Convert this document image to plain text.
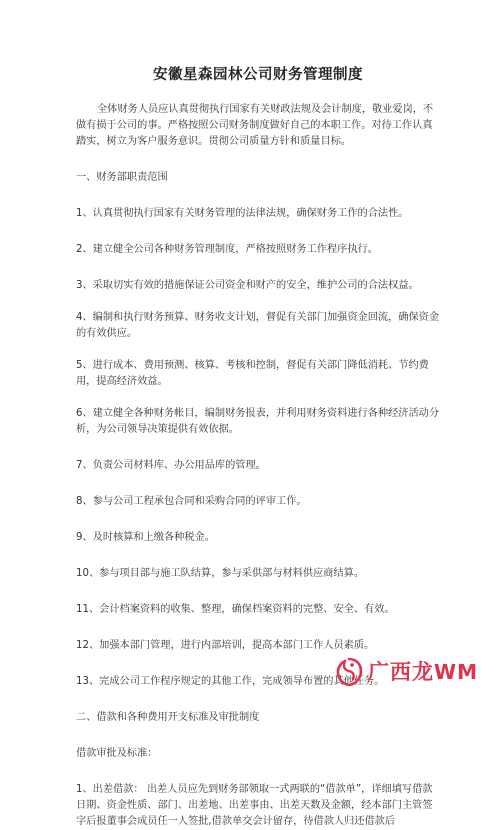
安徽星森园林公司财务管理制度

全体财务人员应认真贯彻执行国家有关财政法规及会计制度，敬业爱岗，不做有损于公司的事。严格按照公司财务制度做好自己的本职工作。对待工作认真踏实，树立为客户服务意识。贯彻公司质量方针和质量目标。

一、财务部职责范围

1、认真贯彻执行国家有关财务管理的法律法规，确保财务工作的合法性。

2、建立健全公司各种财务管理制度，严格按照财务工作程序执行。

3、采取切实有效的措施保证公司资金和财产的安全，维护公司的合法权益。

4、编制和执行财务预算、财务收支计划，督促有关部门加强资金回流，确保资金的有效供应。

5、进行成本、费用预测、核算、考核和控制，督促有关部门降低消耗、节约费用，提高经济效益。

6、建立健全各种财务帐目，编制财务报表，并利用财务资料进行各种经济活动分析，为公司领导决策提供有效依据。

7、负责公司材料库、办公用品库的管理。

8、参与公司工程承包合同和采购合同的评审工作。

9、及时核算和上缴各种税金。

10、参与项目部与施工队结算，参与采供部与材料供应商结算。

11、会计档案资料的收集、整理，确保档案资料的完整、安全、有效。

12、加强本部门管理，进行内部培训，提高本部门工作人员素质。

13、完成公司工作程序规定的其他工作，完成领导布置的其他任务。

二、借款和各种费用开支标准及审批制度

借款审批及标准：

1、出差借款： 出差人员应先到财务部领取一式两联的“借款单”，详细填写借款日期、资金性质、部门、出差地、出差事由、出差天数及金额，经本部门主管签字后报董事会成员任一人签批,借款单交会计留存，待借款人归还借款后

广西龙WM
